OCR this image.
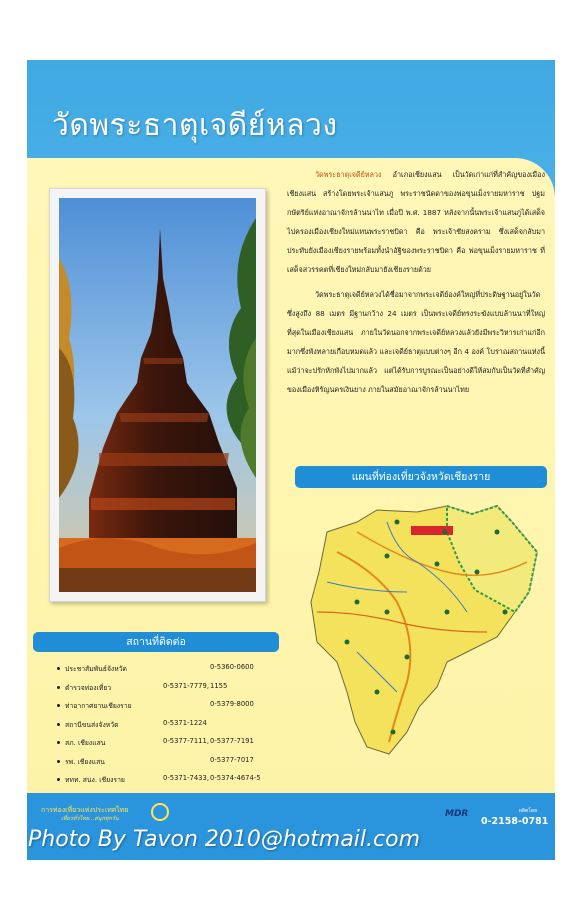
วัดพระธาตุเจดีย์หลวง

วัดพระธาตุเจดีย์หลวง อำเภอเชียงแสน เป็นวัดเก่าแก่ที่สำคัญของเมืองเชียงแสน สร้างโดยพระเจ้าแสนภู พระราชนัดดาของพ่อขุนเม็งรายมหาราช ปฐมกษัตริย์แห่งอาณาจักรล้านนาไท เมื่อปี พ.ศ. 1887 หลังจากนั้นพระเจ้าแสนภูได้เสด็จไปครองเมืองเชียงใหม่แทนพระราชบิดา คือ พระเจ้าชัยสงคราม ซึ่งเสด็จกลับมาประทับยังเมืองเชียงรายพร้อมทั้งนำอัฐิของพระราชบิดา คือ พ่อขุนเม็งรายมหาราช ที่เสด็จสวรรคตที่เชียงใหม่กลับมายังเชียงรายด้วย

วัดพระธาตุเจดีย์หลวงได้ชื่อมาจากพระเจดีย์องค์ใหญ่ที่ประดิษฐานอยู่ในวัด ซึ่งสูงถึง 88 เมตร มีฐานกว้าง 24 เมตร เป็นพระเจดีย์ทรงระฆังแบบล้านนาที่ใหญ่ที่สุดในเมืองเชียงแสน ภายในวัดนอกจากพระเจดีย์หลวงแล้วยังมีพระวิหารเก่าแก่อีกมากซึ่งพังทลายเกือบหมดแล้ว และเจดีย์ธาตุแบบต่างๆ อีก 4 องค์ โบราณสถานแห่งนี้แม้ว่าจะปรักหักพังไปมากแล้ว แต่ได้รับการบูรณะเป็นอย่างดีให้สมกับเป็นวัดที่สำคัญของเมืองหิรัญนครเงินยาง ภายในสมัยอาณาจักรล้านนาไทย

แผนที่ท่องเที่ยวจังหวัดเชียงราย
สถานที่ติดต่อ
ประชาสัมพันธ์จังหวัด	0-5360-0600
ตำรวจท่องเที่ยว	0-5371-7779, 1155
ท่าอากาศยานเชียงราย	0-5379-8000
สถานีขนส่งจังหวัด	0-5371-1224
สภ. เชียงแสน	0-5377-7111, 0-5377-7191
รพ. เชียงแสน	0-5377-7017
ททท. สนง. เชียงราย	0-5371-7433, 0-5374-4674-5
การท่องเที่ยวแห่งประเทศไทย
เที่ยวทั่วไทย...สนุกทุกวัน
ผลิตโดย
MDR
0-2158-0781
Photo By Tavon 2010@hotmail.com
